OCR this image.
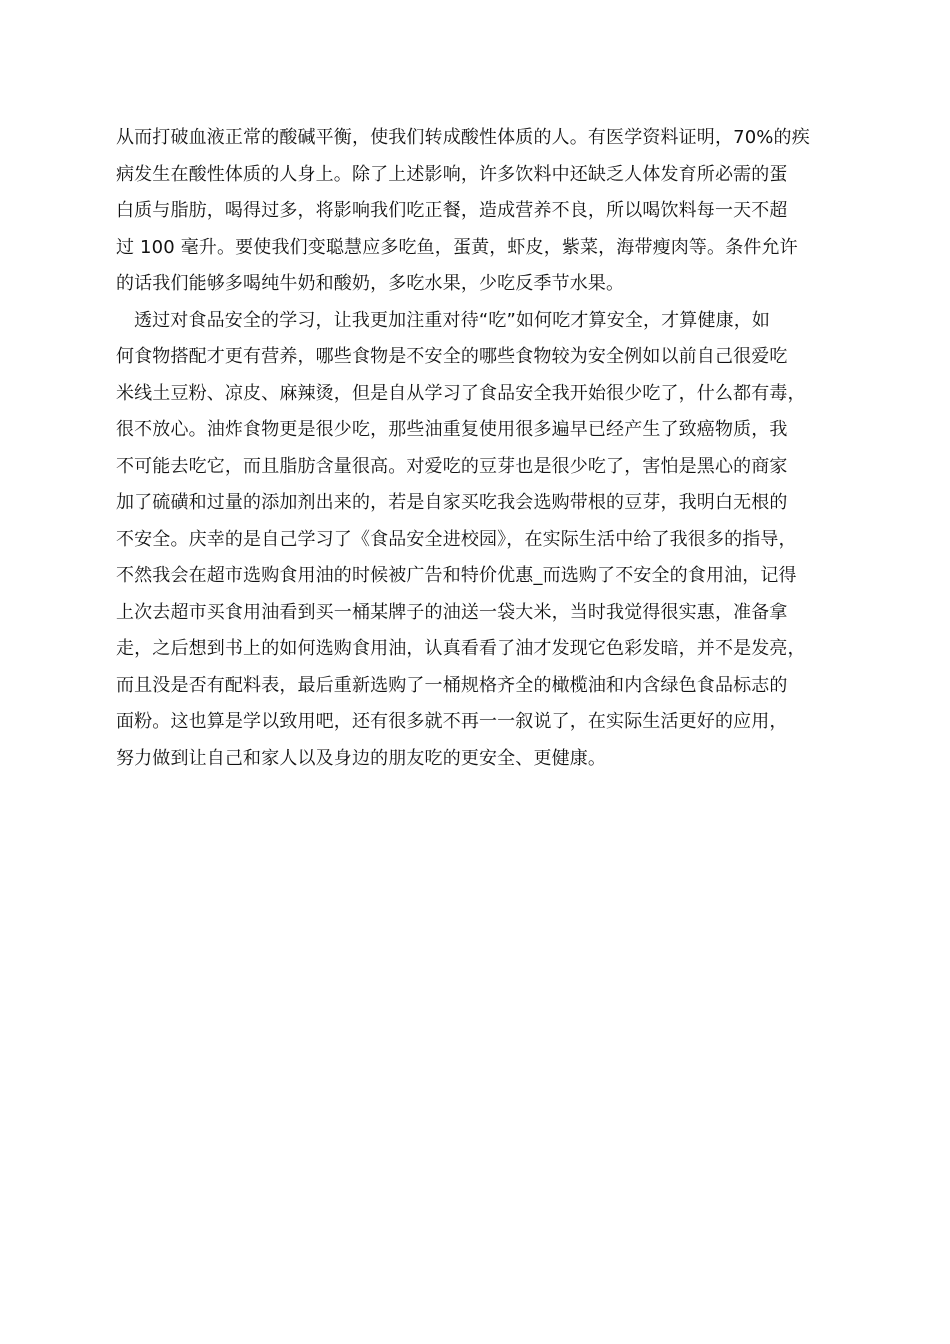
从而打破血液正常的酸碱平衡，使我们转成酸性体质的人。有医学资料证明，70%的疾
病发生在酸性体质的人身上。除了上述影响，许多饮料中还缺乏人体发育所必需的蛋
白质与脂肪，喝得过多，将影响我们吃正餐，造成营养不良，所以喝饮料每一天不超
过 100 毫升。要使我们变聪慧应多吃鱼，蛋黄，虾皮，紫菜，海带瘦肉等。条件允许
的话我们能够多喝纯牛奶和酸奶，多吃水果，少吃反季节水果。
透过对食品安全的学习，让我更加注重对待“吃”如何吃才算安全，才算健康，如
何食物搭配才更有营养，哪些食物是不安全的哪些食物较为安全例如以前自己很爱吃
米线土豆粉、凉皮、麻辣烫，但是自从学习了食品安全我开始很少吃了，什么都有毒，
很不放心。油炸食物更是很少吃，那些油重复使用很多遍早已经产生了致癌物质，我
不可能去吃它，而且脂肪含量很高。对爱吃的豆芽也是很少吃了，害怕是黑心的商家
加了硫磺和过量的添加剂出来的，若是自家买吃我会选购带根的豆芽，我明白无根的
不安全。庆幸的是自己学习了《食品安全进校园》，在实际生活中给了我很多的指导，
不然我会在超市选购食用油的时候被广告和特价优惠_而选购了不安全的食用油，记得
上次去超市买食用油看到买一桶某牌子的油送一袋大米，当时我觉得很实惠，准备拿
走，之后想到书上的如何选购食用油，认真看看了油才发现它色彩发暗，并不是发亮，
而且没是否有配料表，最后重新选购了一桶规格齐全的橄榄油和内含绿色食品标志的
面粉。这也算是学以致用吧，还有很多就不再一一叙说了，在实际生活更好的应用，
努力做到让自己和家人以及身边的朋友吃的更安全、更健康。
